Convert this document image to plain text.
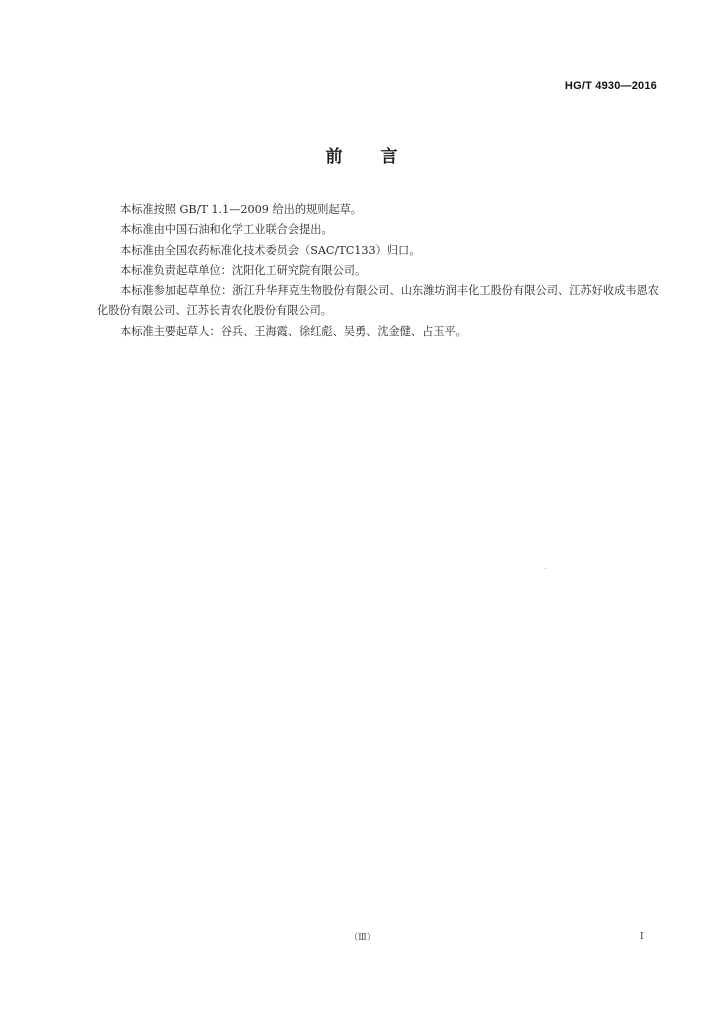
HG/T 4930—2016
前 言

本标准按照 GB/T 1.1—2009 给出的规则起草。

本标准由中国石油和化学工业联合会提出。

本标准由全国农药标准化技术委员会（SAC/TC133）归口。

本标准负责起草单位：沈阳化工研究院有限公司。

本标准参加起草单位：浙江升华拜克生物股份有限公司、山东潍坊润丰化工股份有限公司、江苏好收成韦恩农化股份有限公司、江苏长青农化股份有限公司。

本标准主要起草人：谷兵、王海霞、徐红彪、吴勇、沈金健、占玉平。

（Ⅲ）	I
